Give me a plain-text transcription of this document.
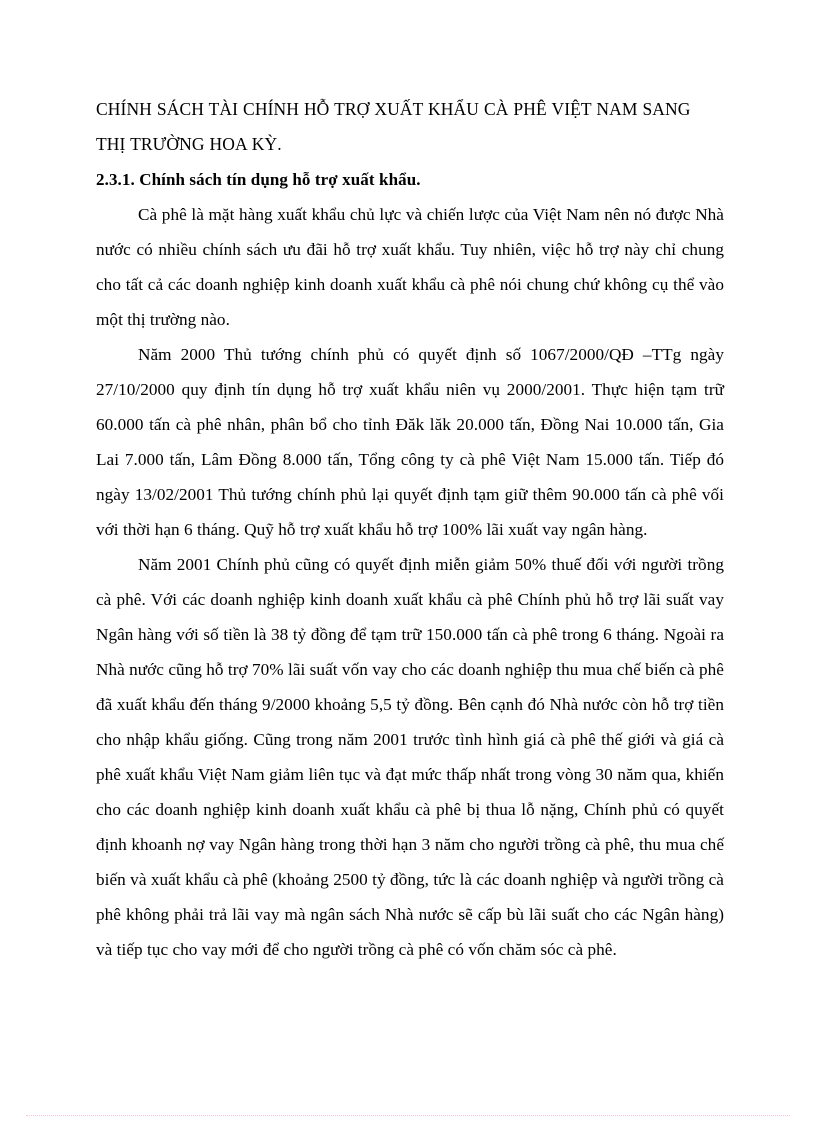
CHÍNH SÁCH TÀI CHÍNH HỖ TRỢ XUẤT KHẨU CÀ PHÊ VIỆT NAM SANG
THỊ TRƯỜNG HOA KỲ.
2.3.1. Chính sách tín dụng hỗ trợ xuất khẩu.

Cà phê là mặt hàng xuất khẩu chủ lực và chiến lược của Việt Nam nên nó được Nhà nước có nhiều chính sách ưu đãi hỗ trợ xuất khẩu. Tuy nhiên, việc hỗ trợ này chỉ chung cho tất cả các doanh nghiệp kinh doanh xuất khẩu cà phê nói chung chứ không cụ thể vào một thị trường nào.

Năm 2000 Thủ tướng chính phủ có quyết định số 1067/2000/QĐ –TTg ngày 27/10/2000 quy định tín dụng hỗ trợ xuất khẩu niên vụ 2000/2001. Thực hiện tạm trữ 60.000 tấn cà phê nhân, phân bổ cho tỉnh Đăk lăk 20.000 tấn, Đồng Nai 10.000 tấn, Gia Lai 7.000 tấn, Lâm Đồng 8.000 tấn, Tổng công ty cà phê Việt Nam 15.000 tấn. Tiếp đó ngày 13/02/2001 Thủ tướng chính phủ lại quyết định tạm giữ thêm 90.000 tấn cà phê vối với thời hạn 6 tháng. Quỹ hỗ trợ xuất khẩu hỗ trợ 100% lãi xuất vay ngân hàng.

Năm 2001 Chính phủ cũng có quyết định miễn giảm 50% thuế đối với người trồng cà phê. Với các doanh nghiệp kinh doanh xuất khẩu cà phê Chính phủ hỗ trợ lãi suất vay Ngân hàng với số tiền là 38 tỷ đồng để tạm trữ 150.000 tấn cà phê trong 6 tháng. Ngoài ra Nhà nước cũng hỗ trợ 70% lãi suất vốn vay cho các doanh nghiệp thu mua chế biến cà phê đã xuất khẩu đến tháng 9/2000 khoảng 5,5 tỷ đồng. Bên cạnh đó Nhà nước còn hỗ trợ tiền cho nhập khẩu giống. Cũng trong năm 2001 trước tình hình giá cà phê thế giới và giá cà phê xuất khẩu Việt Nam giảm liên tục và đạt mức thấp nhất trong vòng 30 năm qua, khiến cho các doanh nghiệp kinh doanh xuất khẩu cà phê bị thua lỗ nặng, Chính phủ có quyết định khoanh nợ vay Ngân hàng trong thời hạn 3 năm cho người trồng cà phê, thu mua chế biến và xuất khẩu cà phê (khoảng 2500 tỷ đồng, tức là các doanh nghiệp và người trồng cà phê không phải trả lãi vay mà ngân sách Nhà nước sẽ cấp bù lãi suất cho các Ngân hàng) và tiếp tục cho vay mới để cho người trồng cà phê có vốn chăm sóc cà phê.
